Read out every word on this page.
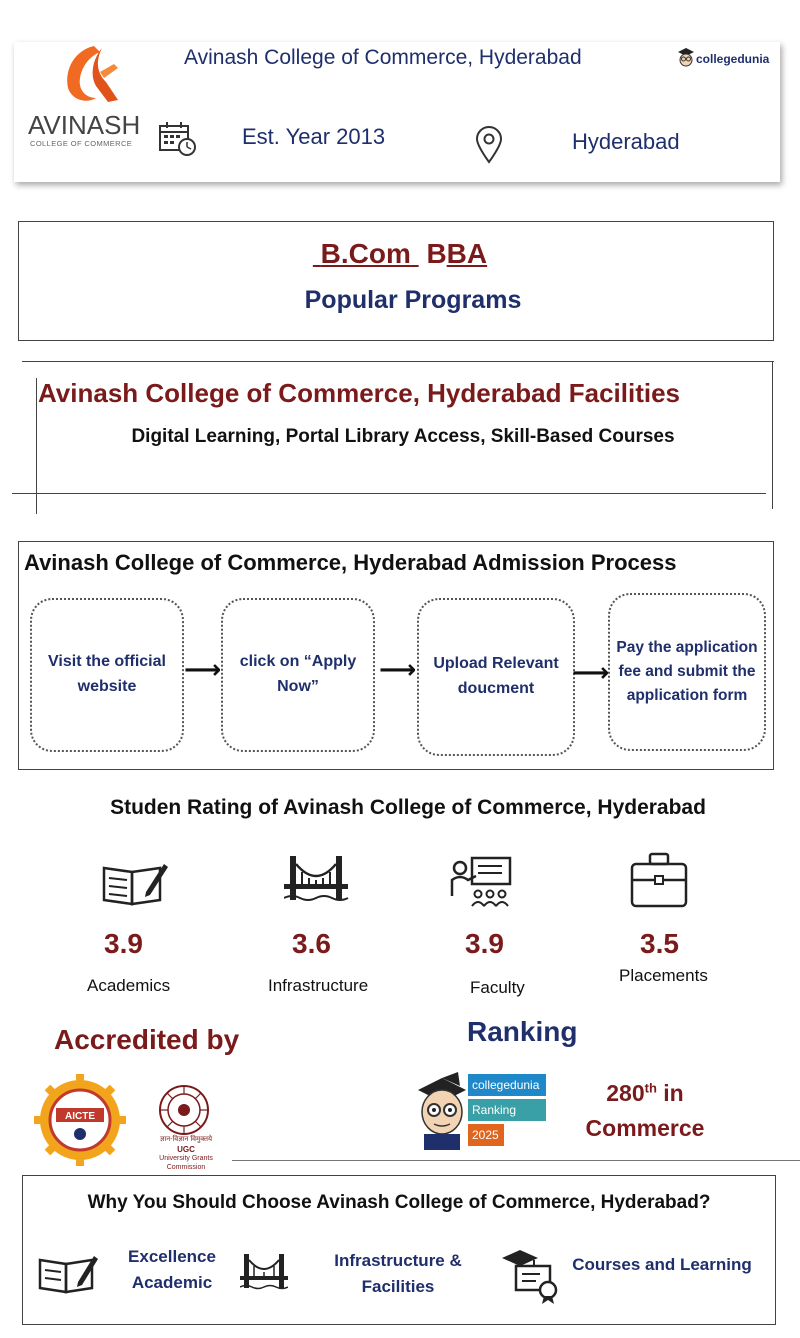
AVINASH
COLLEGE OF COMMERCE
Avinash College of Commerce, Hyderabad	collegedunia
Est. Year 2013	Hyderabad
B.Com BBA
Popular Programs
Avinash College of Commerce, Hyderabad Facilities
Digital Learning, Portal Library Access, Skill-Based Courses
Avinash College of Commerce, Hyderabad Admission Process
Visit the official website
⟶	click on “Apply Now”
⟶	Upload Relevant doucment
⟶
Pay the application fee and submit the application form
Studen Rating of Avinash College of Commerce, Hyderabad
3.9	3.6	3.9	3.5
Academics	Infrastructure	Faculty
Placements
Accredited by
AICTE
ज्ञान-विज्ञान विमुक्तये
UGC
University Grants Commission
Ranking
collegedunia
Ranking
2025
280th in
Commerce
Why You Should Choose Avinash College of Commerce, Hyderabad?
Excellence
Academic
Infrastructure &
Facilities
Courses and Learning
